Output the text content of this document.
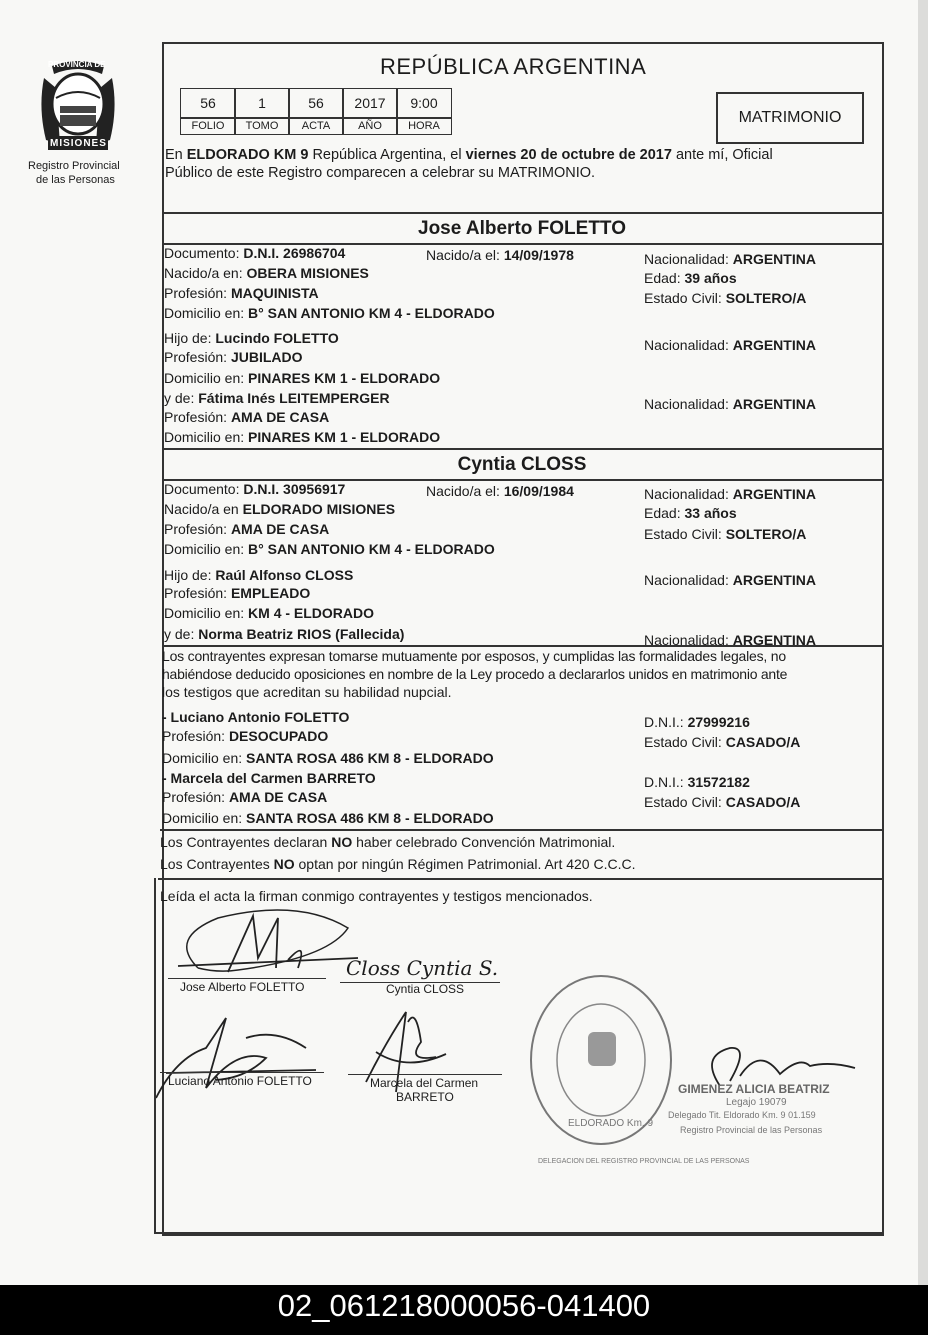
PROVINCIA DE
MISIONES
Registro Provincial
de las Personas
REPÚBLICA ARGENTINA
56	1	56	2017	9:00
FOLIO	TOMO	ACTA	AÑO	HORA	MATRIMONIO
En ELDORADO KM 9 República Argentina, el viernes 20 de octubre de 2017 ante mí, Oficial
Público de este Registro comparecen a celebrar su MATRIMONIO.
Jose Alberto FOLETTO
Documento: D.N.I. 26986704	Nacido/a el: 14/09/1978	Nacionalidad: ARGENTINA
Nacido/a en: OBERA MISIONES	Edad: 39 años
Profesión: MAQUINISTA	Estado Civil: SOLTERO/A
Domicilio en: B° SAN ANTONIO KM 4 - ELDORADO
Hijo de: Lucindo FOLETTO	Nacionalidad: ARGENTINA
Profesión: JUBILADO
Domicilio en: PINARES KM 1 - ELDORADO
y de: Fátima Inés LEITEMPERGER	Nacionalidad: ARGENTINA
Profesión: AMA DE CASA
Domicilio en: PINARES KM 1 - ELDORADO
Cyntia CLOSS
Documento: D.N.I. 30956917	Nacido/a el: 16/09/1984	Nacionalidad: ARGENTINA
Nacido/a en ELDORADO MISIONES	Edad: 33 años
Profesión: AMA DE CASA	Estado Civil: SOLTERO/A
Domicilio en: B° SAN ANTONIO KM 4 - ELDORADO
Hijo de: Raúl Alfonso CLOSS	Nacionalidad: ARGENTINA
Profesión: EMPLEADO
Domicilio en: KM 4 - ELDORADO
y de: Norma Beatriz RIOS (Fallecida)	Nacionalidad: ARGENTINA
Los contrayentes expresan tomarse mutuamente por esposos, y cumplidas las formalidades legales, no
habiéndose deducido oposiciones en nombre de la Ley procedo a declararlos unidos en matrimonio ante
los testigos que acreditan su habilidad nupcial.
- Luciano Antonio FOLETTO
Profesión: DESOCUPADO
Domicilio en: SANTA ROSA 486 KM 8 - ELDORADO
D.N.I.: 27999216
Estado Civil: CASADO/A
- Marcela del Carmen BARRETO
Profesión: AMA DE CASA
Domicilio en: SANTA ROSA 486 KM 8 - ELDORADO
D.N.I.: 31572182
Estado Civil: CASADO/A
Los Contrayentes declaran NO haber celebrado Convención Matrimonial.
Los Contrayentes NO optan por ningún Régimen Patrimonial. Art 420 C.C.C.
Leída el acta la firman conmigo contrayentes y testigos mencionados.
Jose Alberto FOLETTO
Closs Cyntia S.
Cyntia CLOSS
Luciano Antonio FOLETTO	Marcela del Carmen
BARRETO
DELEGACION DEL REGISTRO PROVINCIAL DE LAS PERSONAS
ELDORADO Km. 9
GIMENEZ ALICIA BEATRIZ
Legajo 19079
Delegado Tit. Eldorado Km. 9 01.159
Registro Provincial de las Personas
02_061218000056-041400
